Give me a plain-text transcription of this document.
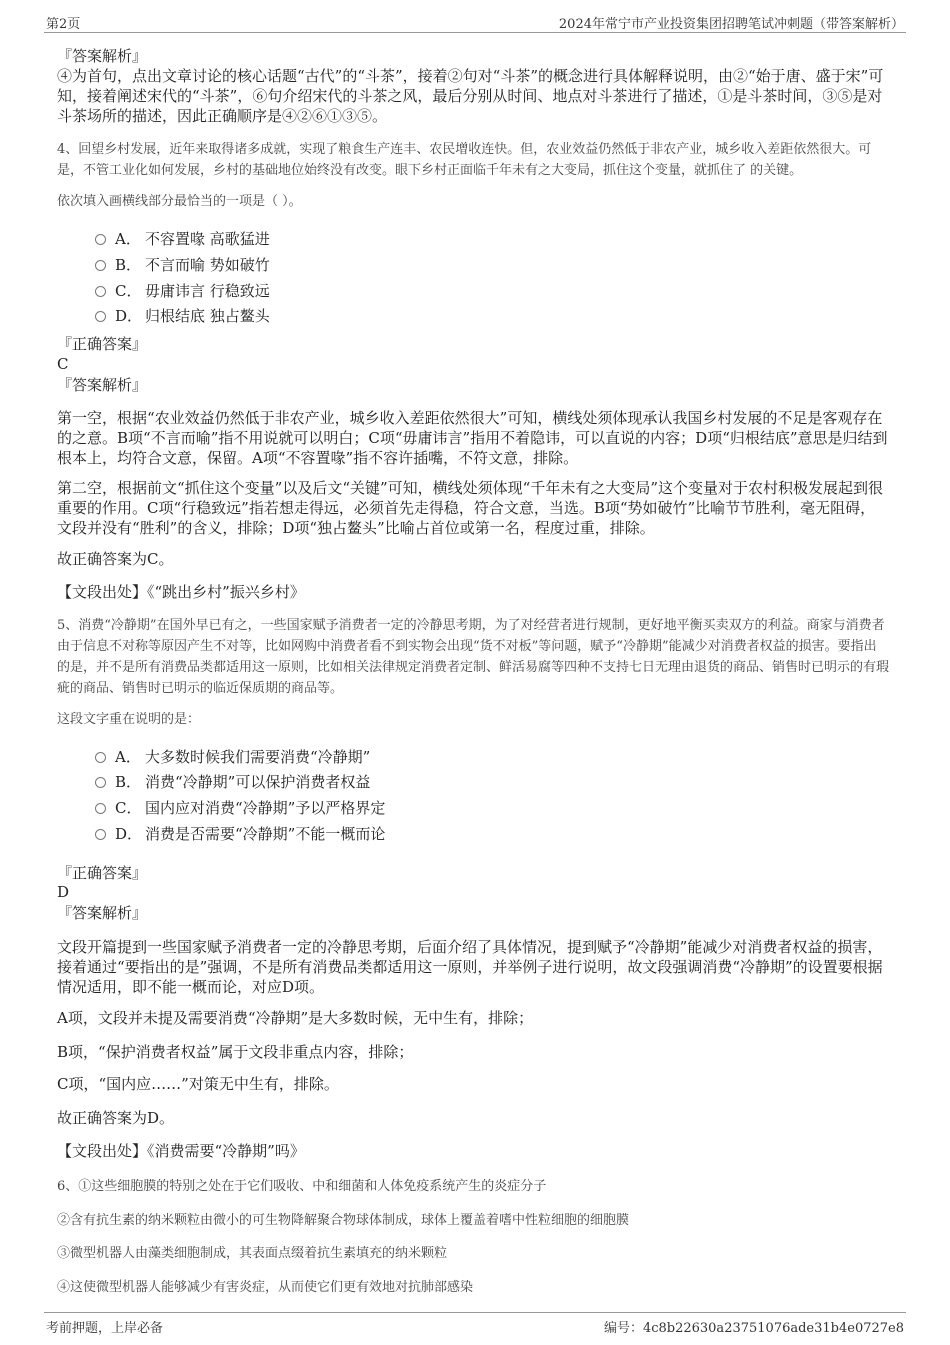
第2页	2024年常宁市产业投资集团招聘笔试冲刺题（带答案解析）
『答案解析』
④为首句，点出文章讨论的核心话题“古代”的“斗茶”，接着②句对“斗茶”的概念进行具体解释说明，由②“始于唐、盛于宋”可知，接着阐述宋代的“斗茶”，⑥句介绍宋代的斗茶之风，最后分别从时间、地点对斗茶进行了描述，①是斗茶时间，③⑤是对斗茶场所的描述，因此正确顺序是④②⑥①③⑤。
4、回望乡村发展，近年来取得诸多成就，实现了粮食生产连丰、农民增收连快。但，农业效益仍然低于非农产业，城乡收入差距依然很大。可是，不管工业化如何发展，乡村的基础地位始终没有改变。眼下乡村正面临千年未有之大变局，抓住这个变量，就抓住了 的关键。
依次填入画横线部分最恰当的一项是（ ）。
A． 不容置喙 高歌猛进
B． 不言而喻 势如破竹
C． 毋庸讳言 行稳致远
D． 归根结底 独占鳌头
『正确答案』
C
『答案解析』
第一空，根据“农业效益仍然低于非农产业，城乡收入差距依然很大”可知，横线处须体现承认我国乡村发展的不足是客观存在的之意。B项“不言而喻”指不用说就可以明白；C项“毋庸讳言”指用不着隐讳，可以直说的内容；D项“归根结底”意思是归结到根本上，均符合文意，保留。A项“不容置喙”指不容许插嘴，不符文意，排除。
第二空，根据前文“抓住这个变量”以及后文“关键”可知，横线处须体现“千年未有之大变局”这个变量对于农村积极发展起到很重要的作用。C项“行稳致远”指若想走得远，必须首先走得稳，符合文意，当选。B项“势如破竹”比喻节节胜利，毫无阻碍，文段并没有“胜利”的含义，排除；D项“独占鳌头”比喻占首位或第一名，程度过重，排除。
故正确答案为C。
【文段出处】《“跳出乡村”振兴乡村》
5、消费“冷静期”在国外早已有之，一些国家赋予消费者一定的冷静思考期，为了对经营者进行规制，更好地平衡买卖双方的利益。商家与消费者由于信息不对称等原因产生不对等，比如网购中消费者看不到实物会出现“货不对板”等问题，赋予“冷静期”能减少对消费者权益的损害。要指出的是，并不是所有消费品类都适用这一原则，比如相关法律规定消费者定制、鲜活易腐等四种不支持七日无理由退货的商品、销售时已明示的有瑕疵的商品、销售时已明示的临近保质期的商品等。
这段文字重在说明的是：
A． 大多数时候我们需要消费“冷静期”
B． 消费“冷静期”可以保护消费者权益
C． 国内应对消费“冷静期”予以严格界定
D． 消费是否需要“冷静期”不能一概而论
『正确答案』
D
『答案解析』
文段开篇提到一些国家赋予消费者一定的冷静思考期，后面介绍了具体情况，提到赋予“冷静期”能减少对消费者权益的损害，接着通过“要指出的是”强调，不是所有消费品类都适用这一原则，并举例子进行说明，故文段强调消费“冷静期”的设置要根据情况适用，即不能一概而论，对应D项。
A项，文段并未提及需要消费“冷静期”是大多数时候，无中生有，排除；
B项，“保护消费者权益”属于文段非重点内容，排除；
C项，“国内应……”对策无中生有，排除。
故正确答案为D。
【文段出处】《消费需要“冷静期”吗》
6、①这些细胞膜的特别之处在于它们吸收、中和细菌和人体免疫系统产生的炎症分子
②含有抗生素的纳米颗粒由微小的可生物降解聚合物球体制成，球体上覆盖着嗜中性粒细胞的细胞膜
③微型机器人由藻类细胞制成，其表面点缀着抗生素填充的纳米颗粒
④这使微型机器人能够减少有害炎症，从而使它们更有效地对抗肺部感染
考前押题，上岸必备	编号：4c8b22630a23751076ade31b4e0727e8
